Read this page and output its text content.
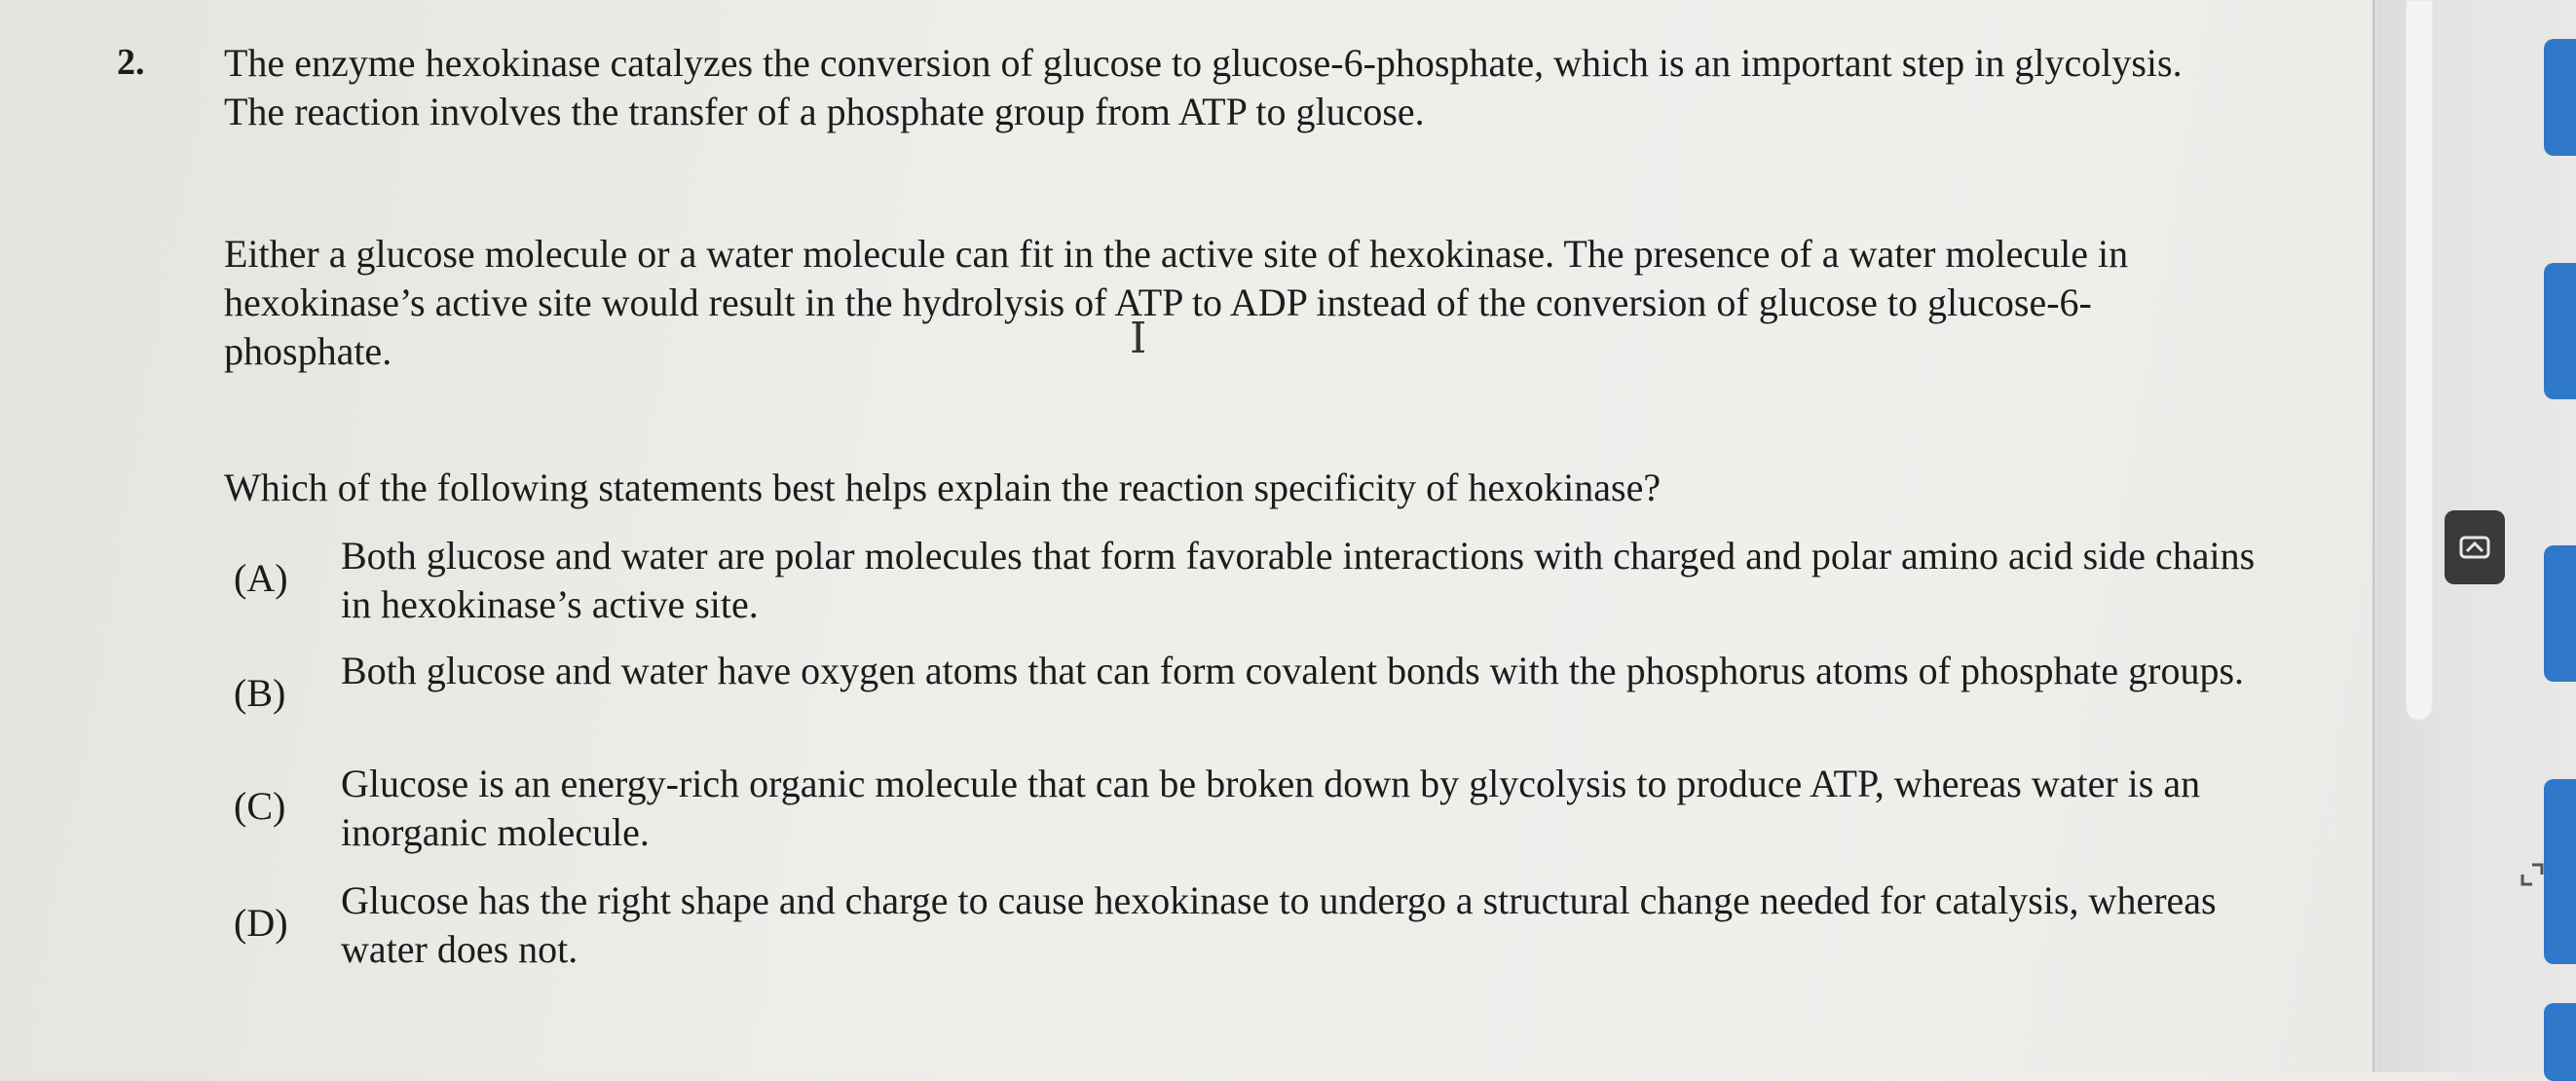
2. The enzyme hexokinase catalyzes the conversion of glucose to glucose-6-phosphate, which is an important step in glycolysis. The reaction involves the transfer of a phosphate group from ATP to glucose.

Either a glucose molecule or a water molecule can fit in the active site of hexokinase. The presence of a water molecule in hexokinase’s active site would result in the hydrolysis of ATP to ADP instead of the conversion of glucose to glucose-6-phosphate.

Which of the following statements best helps explain the reaction specificity of hexokinase?

(A)

Both glucose and water are polar molecules that form favorable interactions with charged and polar amino acid side chains in hexokinase’s active site.

(B)

Both glucose and water have oxygen atoms that can form covalent bonds with the phosphorus atoms of phosphate groups.

(C)

Glucose is an energy-rich organic molecule that can be broken down by glycolysis to produce ATP, whereas water is an inorganic molecule.

(D)

Glucose has the right shape and charge to cause hexokinase to undergo a structural change needed for catalysis, whereas water does not.

I
